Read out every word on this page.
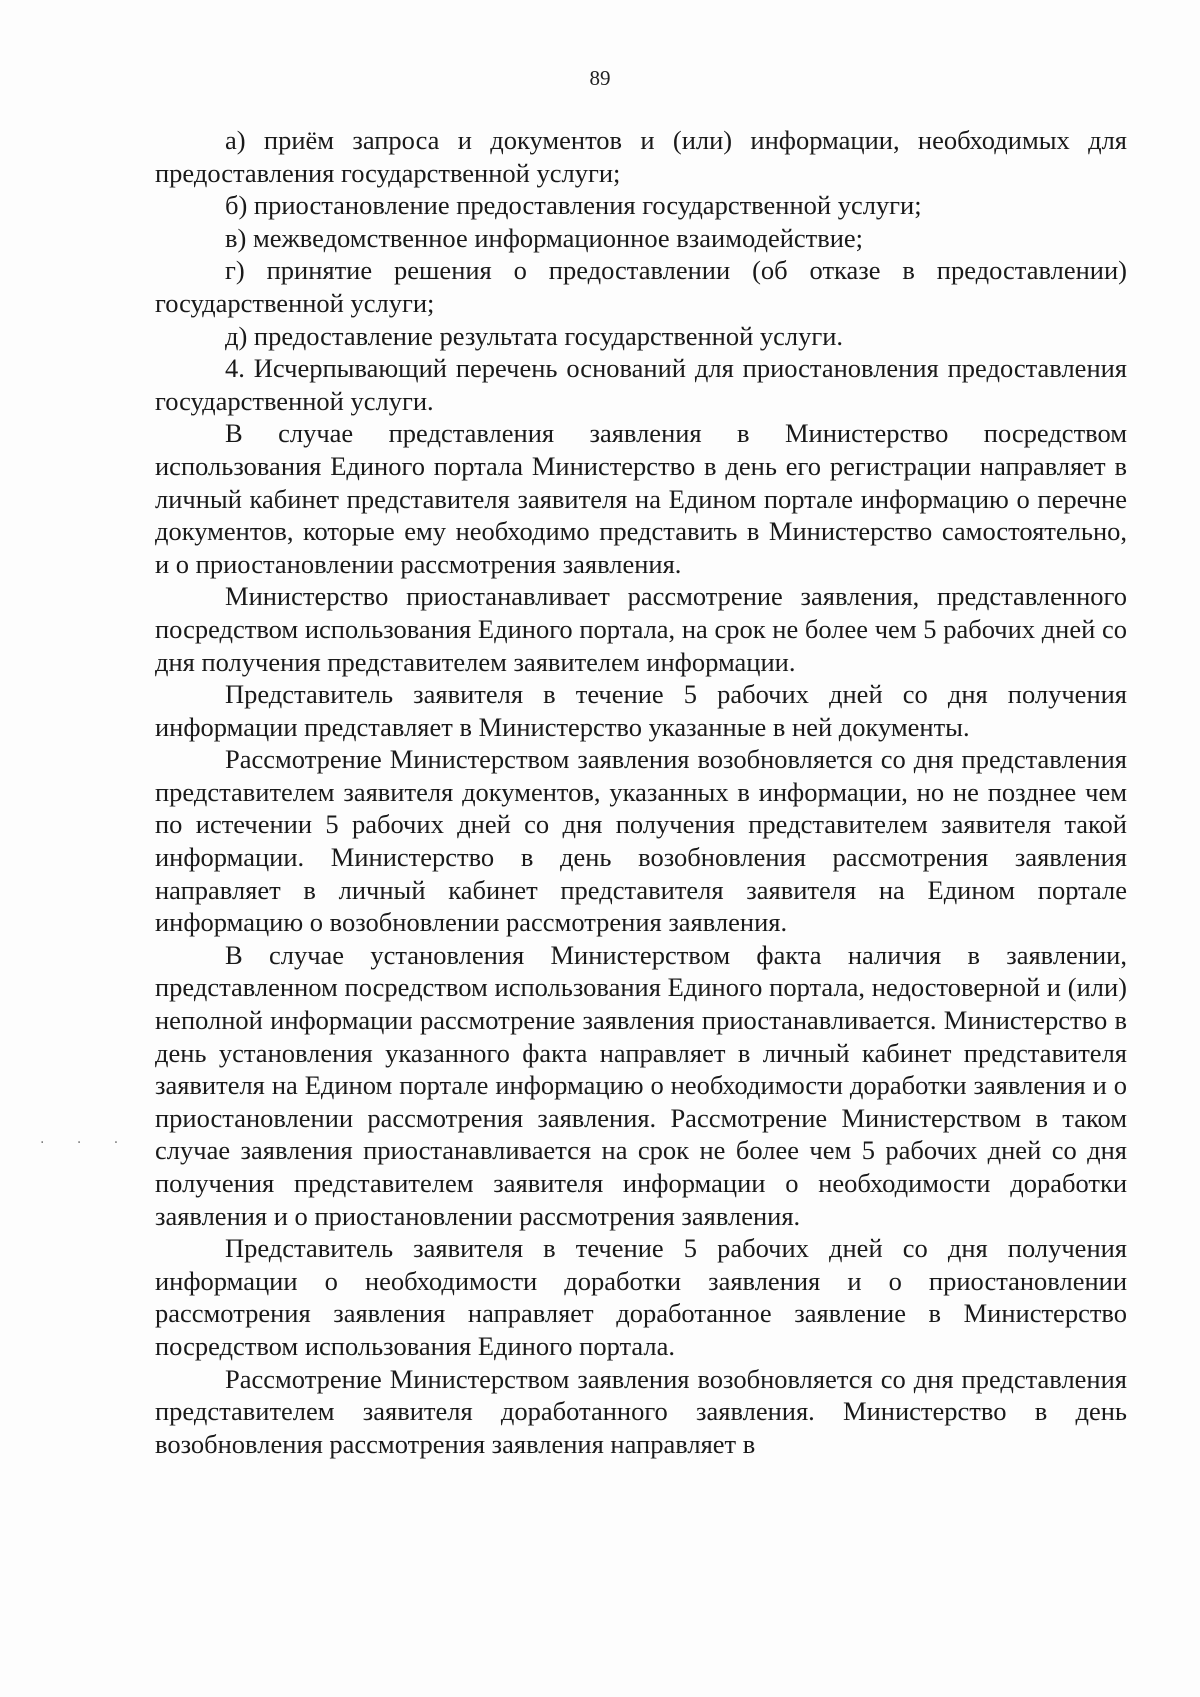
89

а) приём запроса и документов и (или) информации, необходимых для предоставления государственной услуги;

б) приостановление предоставления государственной услуги;

в) межведомственное информационное взаимодействие;

г) принятие решения о предоставлении (об отказе в предоставлении) государственной услуги;

д) предоставление результата государственной услуги.

4. Исчерпывающий перечень оснований для приостановления предоставления государственной услуги.

В случае представления заявления в Министерство посредством использования Единого портала Министерство в день его регистрации направляет в личный кабинет представителя заявителя на Едином портале информацию о перечне документов, которые ему необходимо представить в Министерство самостоятельно, и о приостановлении рассмотрения заявления.

Министерство приостанавливает рассмотрение заявления, представленного посредством использования Единого портала, на срок не более чем 5 рабочих дней со дня получения представителем заявителем информации.

Представитель заявителя в течение 5 рабочих дней со дня получения информации представляет в Министерство указанные в ней документы.

Рассмотрение Министерством заявления возобновляется со дня представления представителем заявителя документов, указанных в информации, но не позднее чем по истечении 5 рабочих дней со дня получения представителем заявителя такой информации. Министерство в день возобновления рассмотрения заявления направляет в личный кабинет представителя заявителя на Едином портале информацию о возобновлении рассмотрения заявления.

В случае установления Министерством факта наличия в заявлении, представленном посредством использования Единого портала, недостоверной и (или) неполной информации рассмотрение заявления приостанавливается. Министерство в день установления указанного факта направляет в личный кабинет представителя заявителя на Едином портале информацию о необходимости доработки заявления и о приостановлении рассмотрения заявления. Рассмотрение Министерством в таком случае заявления приостанавливается на срок не более чем 5 рабочих дней со дня получения представителем заявителя информации о необходимости доработки заявления и о приостановлении рассмотрения заявления.

Представитель заявителя в течение 5 рабочих дней со дня получения информации о необходимости доработки заявления и о приостановлении рассмотрения заявления направляет доработанное заявление в Министерство посредством использования Единого портала.

Рассмотрение Министерством заявления возобновляется со дня представления представителем заявителя доработанного заявления. Министерство в день возобновления рассмотрения заявления направляет в

· · ·
